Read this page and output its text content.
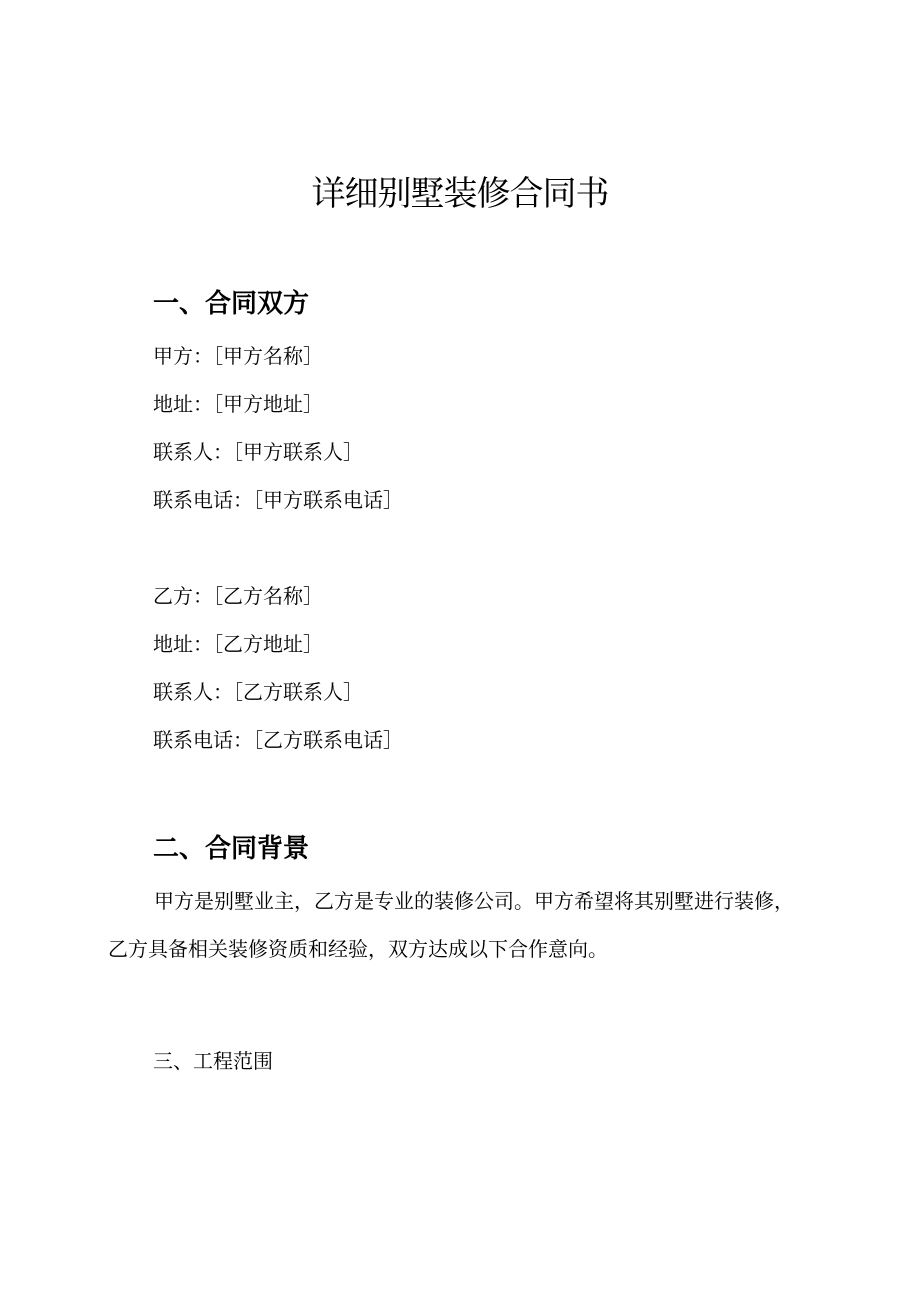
详细别墅装修合同书
一、合同双方

甲方：［甲方名称］

地址：［甲方地址］

联系人：［甲方联系人］

联系电话：［甲方联系电话］

乙方：［乙方名称］

地址：［乙方地址］

联系人：［乙方联系人］

联系电话：［乙方联系电话］

二、合同背景

甲方是别墅业主，乙方是专业的装修公司。甲方希望将其别墅进行装修，乙方具备相关装修资质和经验，双方达成以下合作意向。

三、工程范围
